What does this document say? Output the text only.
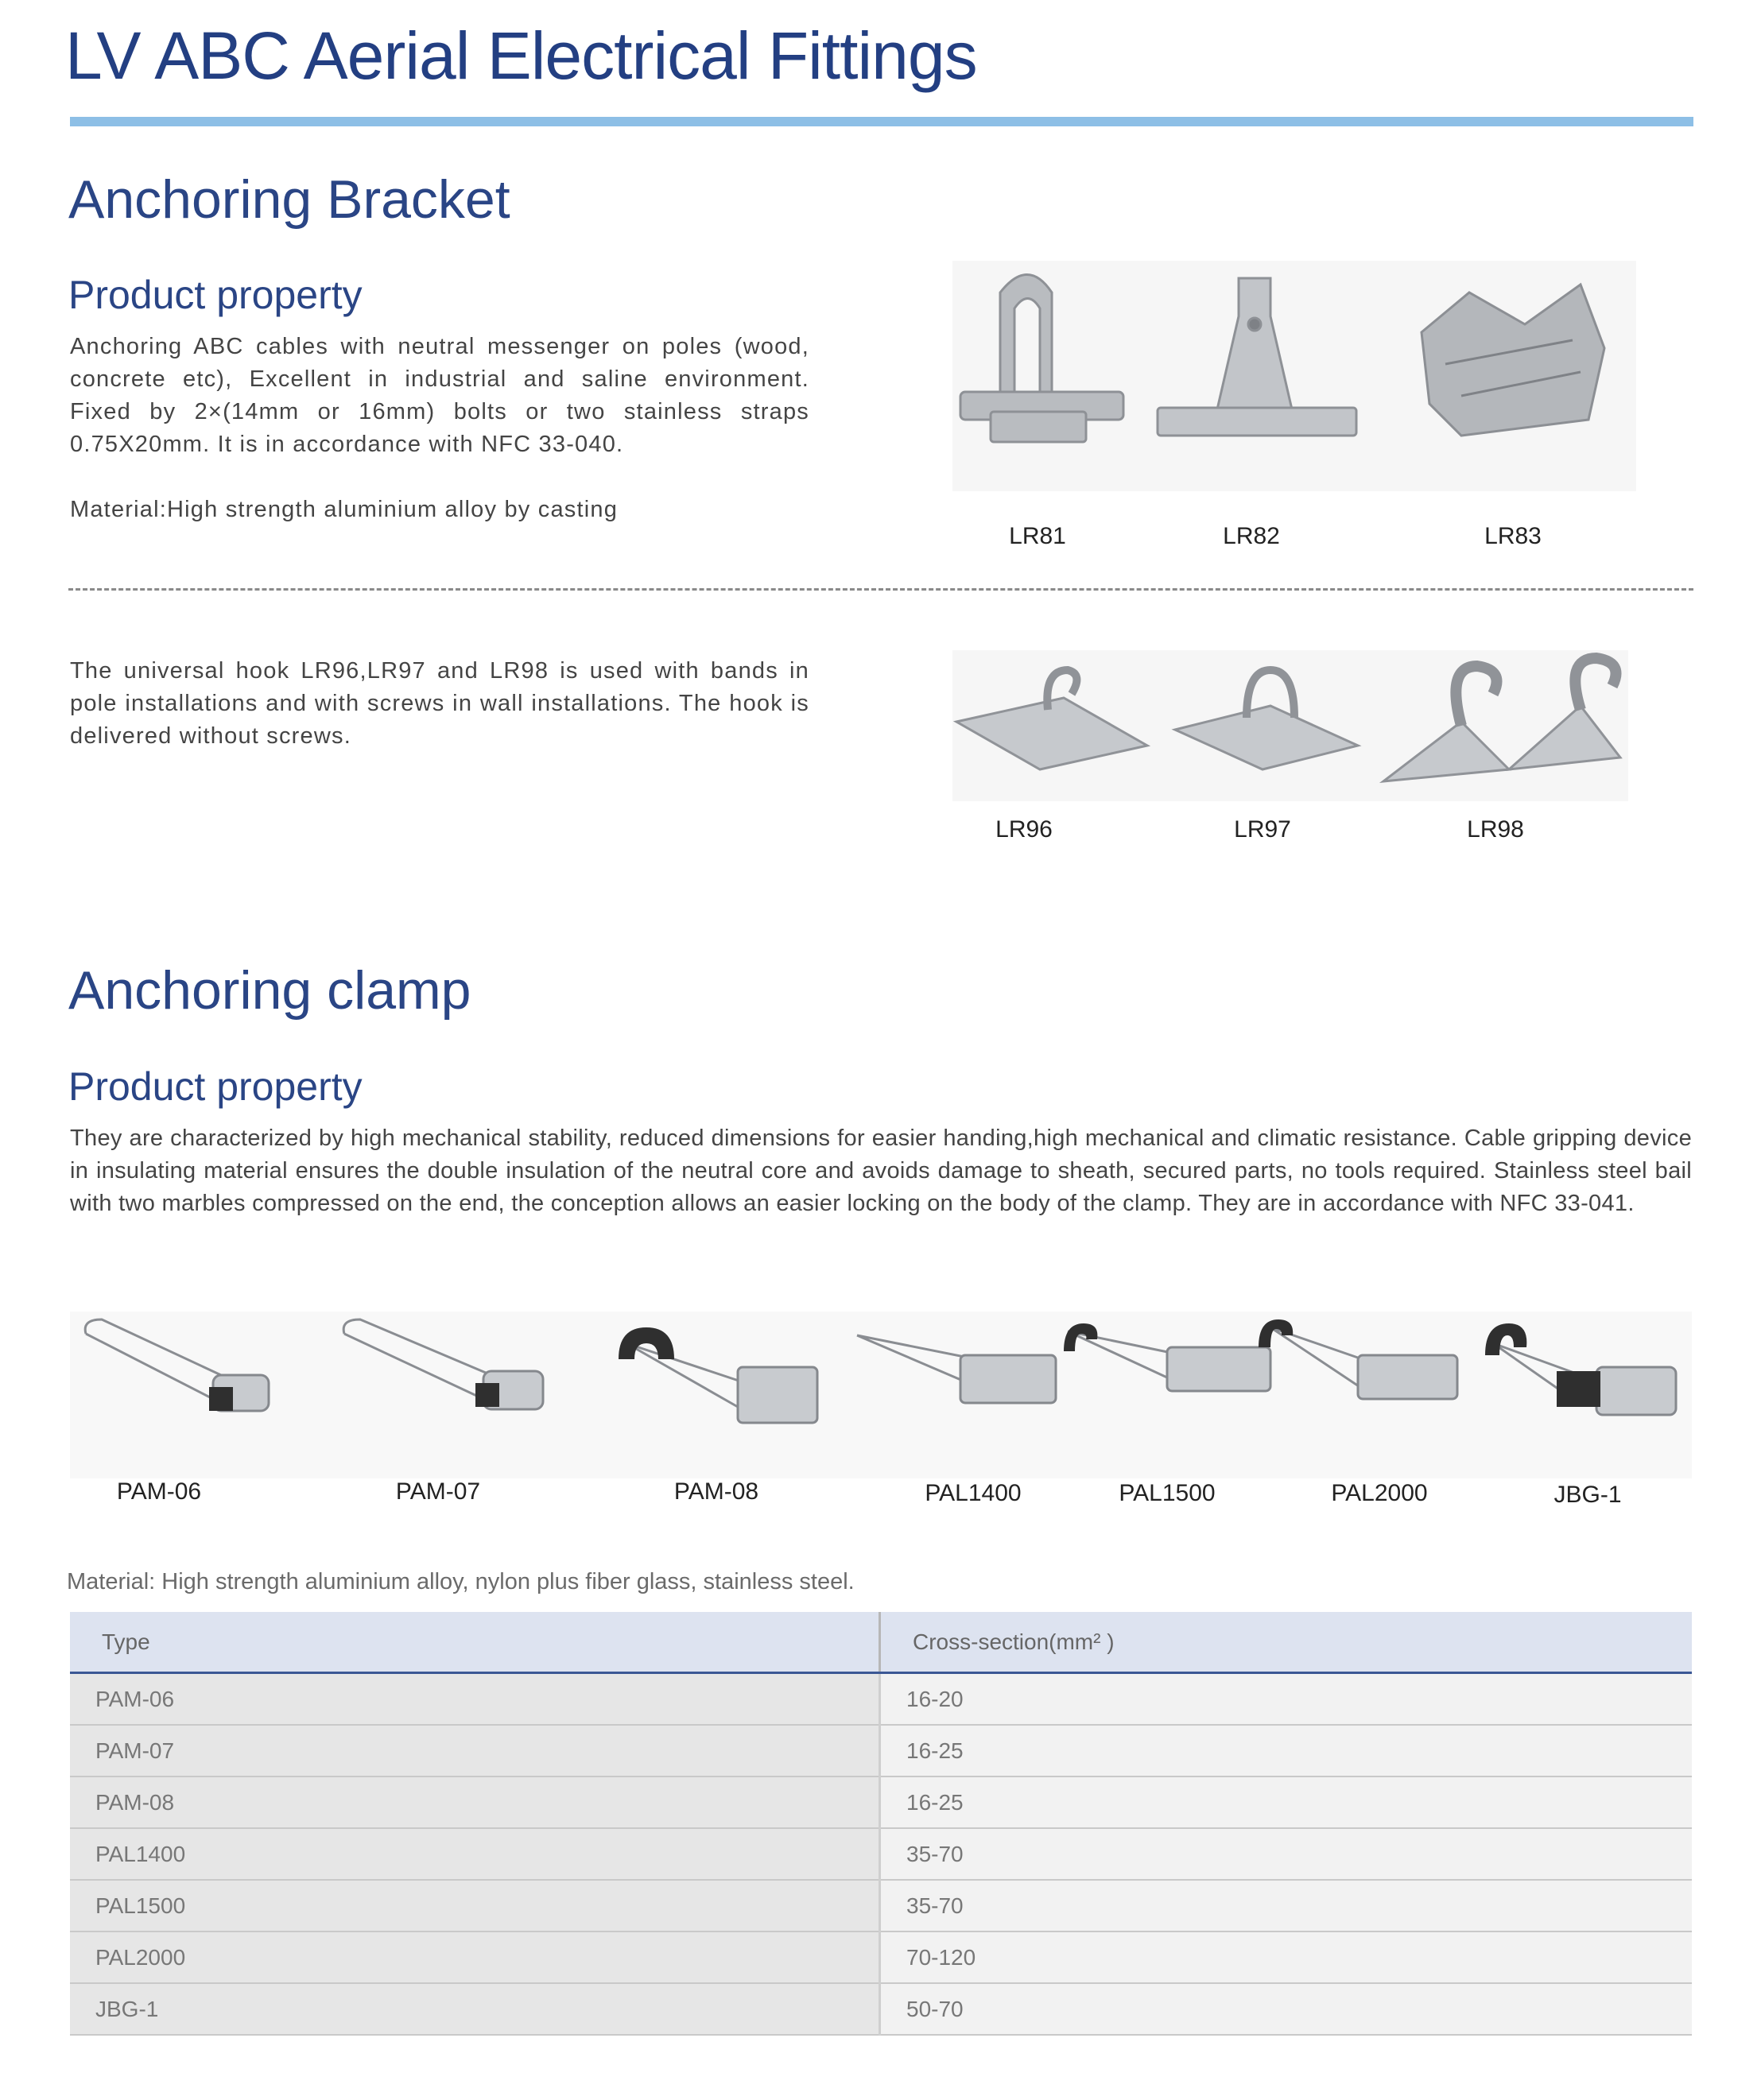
LV ABC Aerial Electrical Fittings
Anchoring Bracket
Product property
Anchoring ABC cables with neutral messenger on poles (wood, concrete etc), Excellent in industrial and saline environment. Fixed by 2×(14mm or 16mm) bolts or two stainless straps 0.75X20mm. It is in accordance with NFC 33-040.
Material:High strength aluminium alloy by casting
LR81	LR82	LR83
The universal hook LR96,LR97 and LR98 is used with bands in pole installations and with screws in wall installations. The hook is delivered without screws.
LR96	LR97	LR98
Anchoring clamp
Product property
They are characterized by high mechanical stability, reduced dimensions for easier handing,high mechanical and climatic resistance. Cable gripping device in insulating material ensures the double insulation of the neutral core and avoids damage to sheath, secured parts, no tools required. Stainless steel bail with two marbles compressed on the end, the conception allows an easier locking on the body of the clamp. They are in accordance with NFC 33-041.
PAM-06	PAM-07	PAM-08	PAL1400	PAL1500	PAL2000	JBG-1
Material: High strength aluminium alloy, nylon plus fiber glass, stainless steel.
Type	Cross-section(mm² )
PAM-06	16-20
PAM-07	16-25
PAM-08	16-25
PAL1400	35-70
PAL1500	35-70
PAL2000	70-120
JBG-1	50-70
